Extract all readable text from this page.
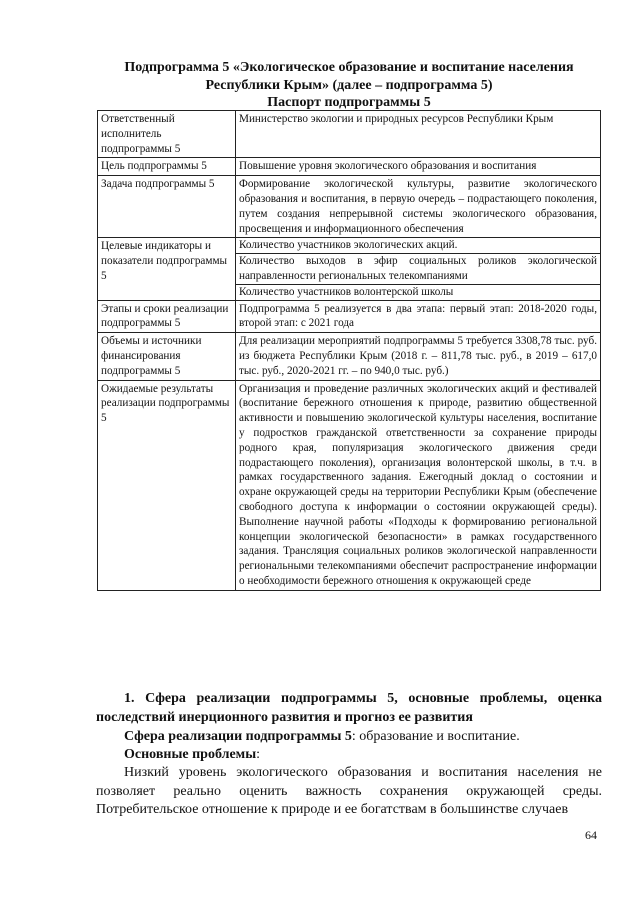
Подпрограмма 5 «Экологическое образование и воспитание населения
Республики Крым» (далее – подпрограмма 5)
Паспорт подпрограммы 5
Ответственный исполнитель подпрограммы 5	Министерство экологии и природных ресурсов Республики Крым
Цель подпрограммы 5	Повышение уровня экологического образования и воспитания
Задача подпрограммы 5	Формирование экологической культуры, развитие экологического образования и воспитания, в первую очередь – подрастающего поколения, путем создания непрерывной системы экологического образования, просвещения и информационного обеспечения
Целевые индикаторы и показатели подпрограммы 5	Количество участников экологических акций.
Количество выходов в эфир социальных роликов экологической направленности региональных телекомпаниями
Количество участников волонтерской школы

Этапы и сроки реализации подпрограммы 5	Подпрограмма 5 реализуется в два этапа: первый этап: 2018-2020 годы, второй этап: с 2021 года
Объемы и источники финансирования подпрограммы 5	Для реализации мероприятий подпрограммы 5 требуется 3308,78 тыс. руб. из бюджета Республики Крым (2018 г. – 811,78 тыс. руб., в 2019 – 617,0 тыс. руб., 2020-2021 гг. – по 940,0 тыс. руб.)
Ожидаемые результаты реализации подпрограммы 5	Организация и проведение различных экологических акций и фестивалей (воспитание бережного отношения к природе, развитию общественной активности и повышению экологической культуры населения, воспитание у подростков гражданской ответственности за сохранение природы родного края, популяризация экологического движения среди подрастающего поколения), организация волонтерской школы, в т.ч. в рамках государственного задания. Ежегодный доклад о состоянии и охране окружающей среды на территории Республики Крым (обеспечение свободного доступа к информации о состоянии окружающей среды). Выполнение научной работы «Подходы к формированию региональной концепции экологической безопасности» в рамках государственного задания. Трансляция социальных роликов экологической направленности региональными телекомпаниями обеспечит распространение информации о необходимости бережного отношения к окружающей среде
1. Сфера реализации подпрограммы 5, основные проблемы, оценка последствий инерционного развития и прогноз ее развития
Сфера реализации подпрограммы 5: образование и воспитание.
Основные проблемы:
Низкий уровень экологического образования и воспитания населения не позволяет реально оценить важность сохранения окружающей среды. Потребительское отношение к природе и ее богатствам в большинстве случаев
64
